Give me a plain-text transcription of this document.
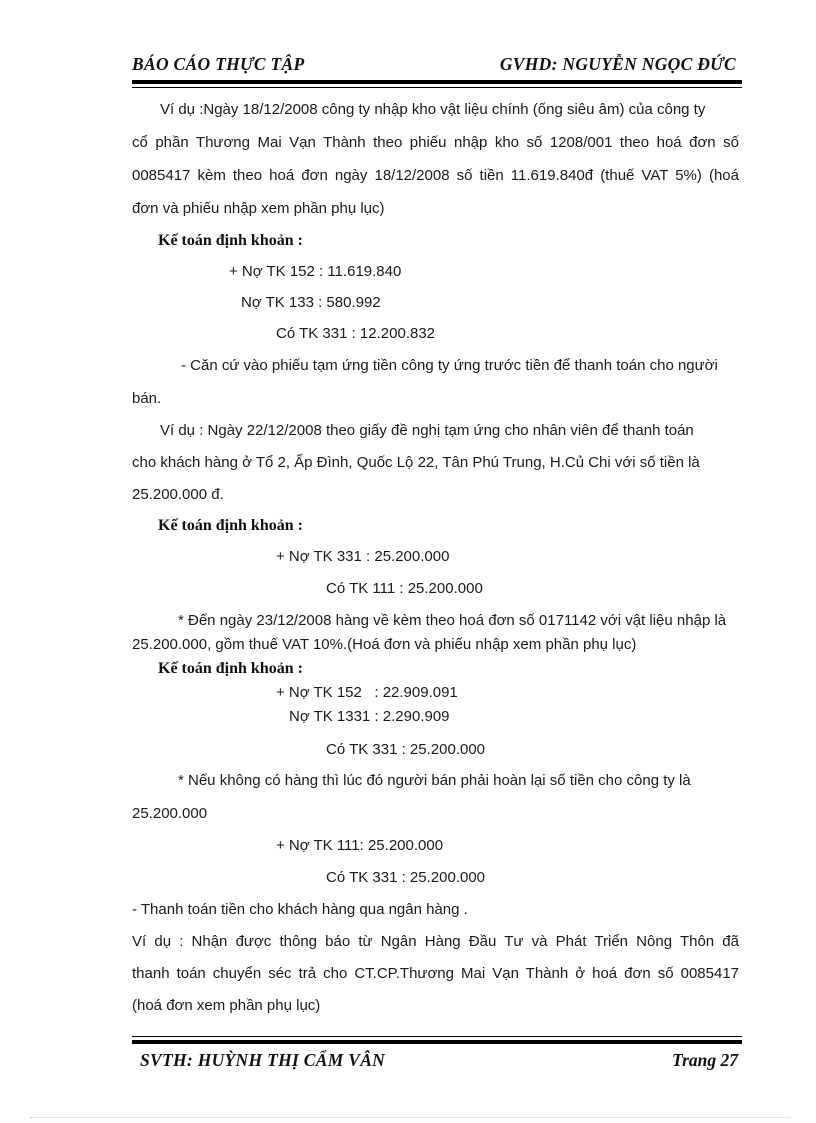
BÁO CÁO THỰC TẬP	GVHD: NGUYỄN NGỌC ĐỨC
Ví dụ :Ngày 18/12/2008 công ty nhập kho vật liệu chính (ống siêu âm) của công ty
cổ phần Thương Mai Vạn Thành theo phiếu nhập kho số 1208/001 theo hoá đơn số
0085417 kèm theo hoá đơn ngày 18/12/2008 số tiền 11.619.840đ (thuế VAT 5%) (hoá
đơn và phiếu nhập xem phần phụ lục)
Kế toán định khoản :
+ Nợ TK 152 : 11.619.840
Nợ TK 133 : 580.992
Có TK 331 : 12.200.832
- Căn cứ vào phiếu tạm ứng tiền công ty ứng trước tiền để thanh toán cho người
bán.
Ví dụ : Ngày 22/12/2008 theo giấy đề nghị tạm ứng cho nhân viên để thanh toán
cho khách hàng ở Tổ 2, Ấp Đình, Quốc Lộ 22, Tân Phú Trung, H.Củ Chi với số tiền là
25.200.000 đ.
Kế toán định khoản :
+ Nợ TK 331 : 25.200.000
Có TK 111 : 25.200.000
* Đến ngày 23/12/2008 hàng về kèm theo hoá đơn số 0171142 với vật liệu nhập là
25.200.000, gồm thuế VAT 10%.(Hoá đơn và phiếu nhập xem phần phụ lục)
Kế toán định khoản :
+ Nợ TK 152   : 22.909.091
Nợ TK 1331 : 2.290.909
Có TK 331 : 25.200.000
* Nếu không có hàng thì lúc đó người bán phải hoàn lại số tiền cho công ty là
25.200.000
+ Nợ TK 111: 25.200.000
Có TK 331 : 25.200.000
- Thanh toán tiền cho khách hàng qua ngân hàng .
Ví dụ : Nhận được thông báo từ Ngân Hàng Đầu Tư và Phát Triển Nông Thôn đã
thanh toán chuyển séc trả cho CT.CP.Thương Mai Vạn Thành ở hoá đơn số 0085417
(hoá đơn xem phần phụ lục)
SVTH: HUỲNH THỊ CẨM VÂN	Trang 27
